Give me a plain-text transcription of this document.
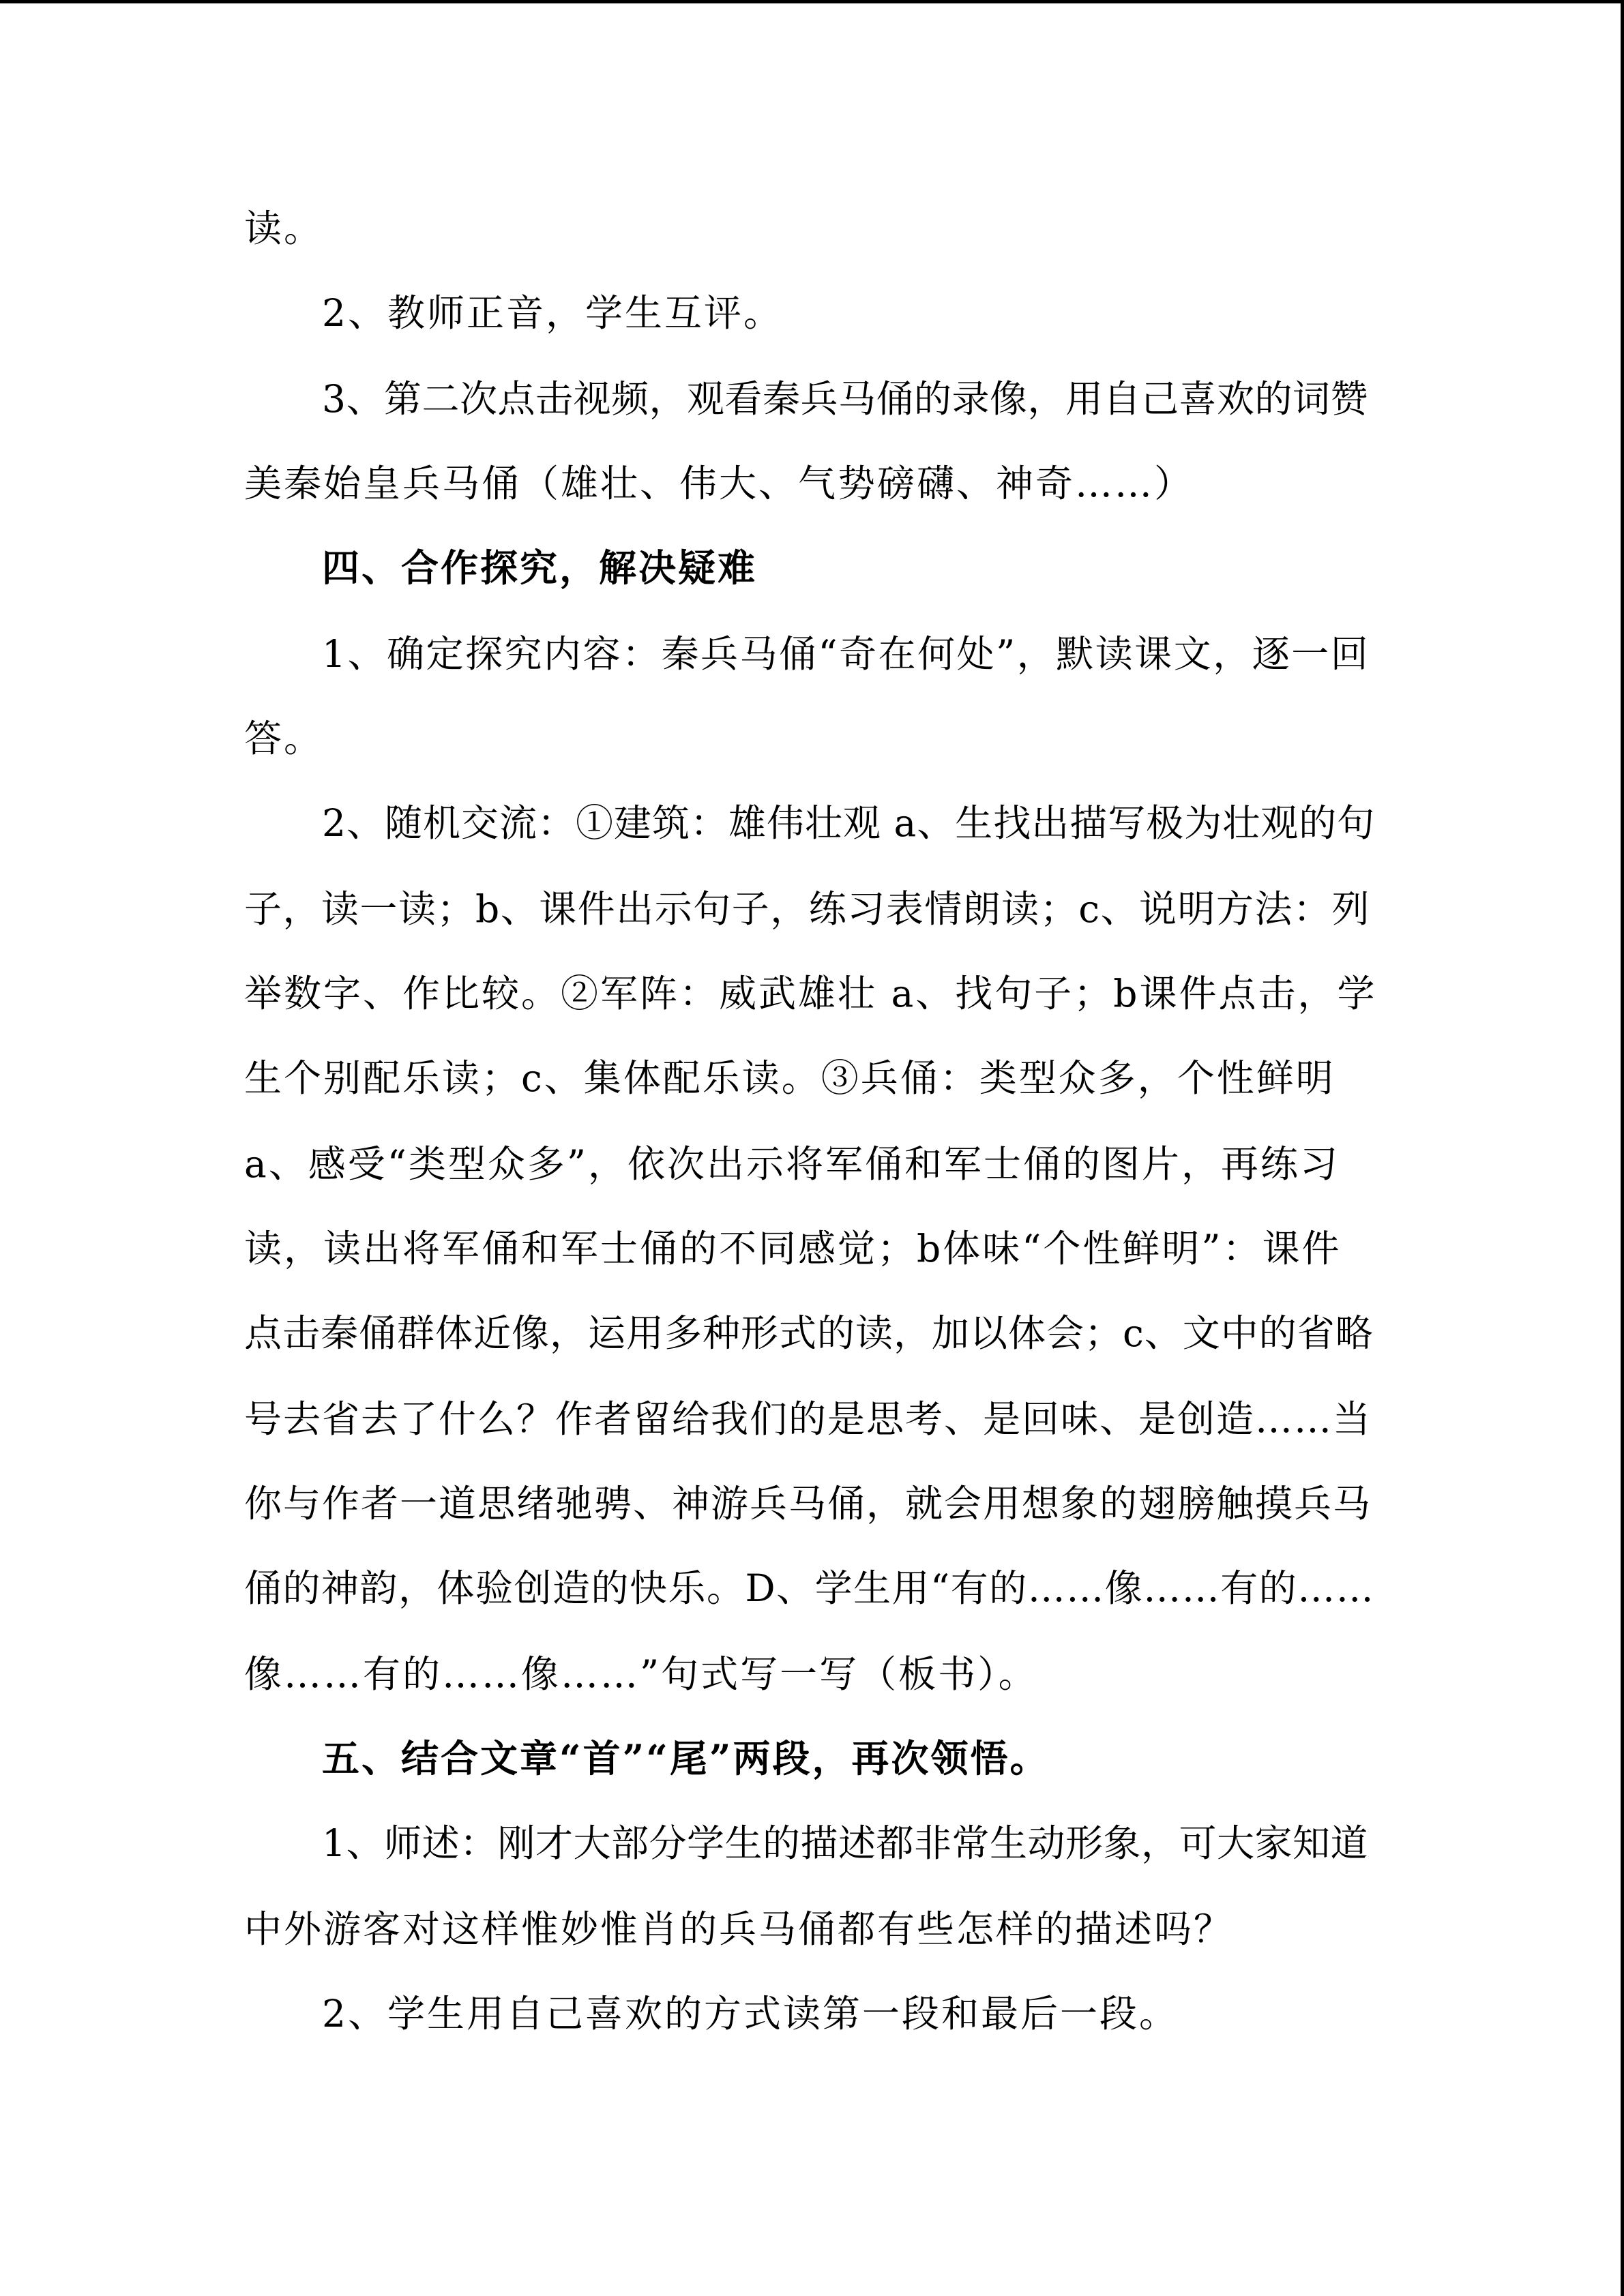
读。
2、教师正音，学生互评。
3、第二次点击视频，观看秦兵马俑的录像，用自己喜欢的词赞
美秦始皇兵马俑（雄壮、伟大、气势磅礴、神奇……）
四、合作探究，解决疑难
1、确定探究内容：秦兵马俑“奇在何处”，默读课文，逐一回
答。
2、随机交流：①建筑：雄伟壮观 a、生找出描写极为壮观的句
子，读一读；b、课件出示句子，练习表情朗读；c、说明方法：列
举数字、作比较。②军阵：威武雄壮 a、找句子；b课件点击，学
生个别配乐读；c、集体配乐读。③兵俑：类型众多，个性鲜明
a、感受“类型众多”，依次出示将军俑和军士俑的图片，再练习
读，读出将军俑和军士俑的不同感觉；b体味“个性鲜明”：课件
点击秦俑群体近像，运用多种形式的读，加以体会；c、文中的省略
号去省去了什么？作者留给我们的是思考、是回味、是创造……当
你与作者一道思绪驰骋、神游兵马俑，就会用想象的翅膀触摸兵马
俑的神韵，体验创造的快乐。D、学生用“有的……像……有的……
像……有的……像……”句式写一写（板书）。
五、结合文章“首”“尾”两段，再次领悟。
1、师述：刚才大部分学生的描述都非常生动形象，可大家知道
中外游客对这样惟妙惟肖的兵马俑都有些怎样的描述吗？
2、学生用自己喜欢的方式读第一段和最后一段。
